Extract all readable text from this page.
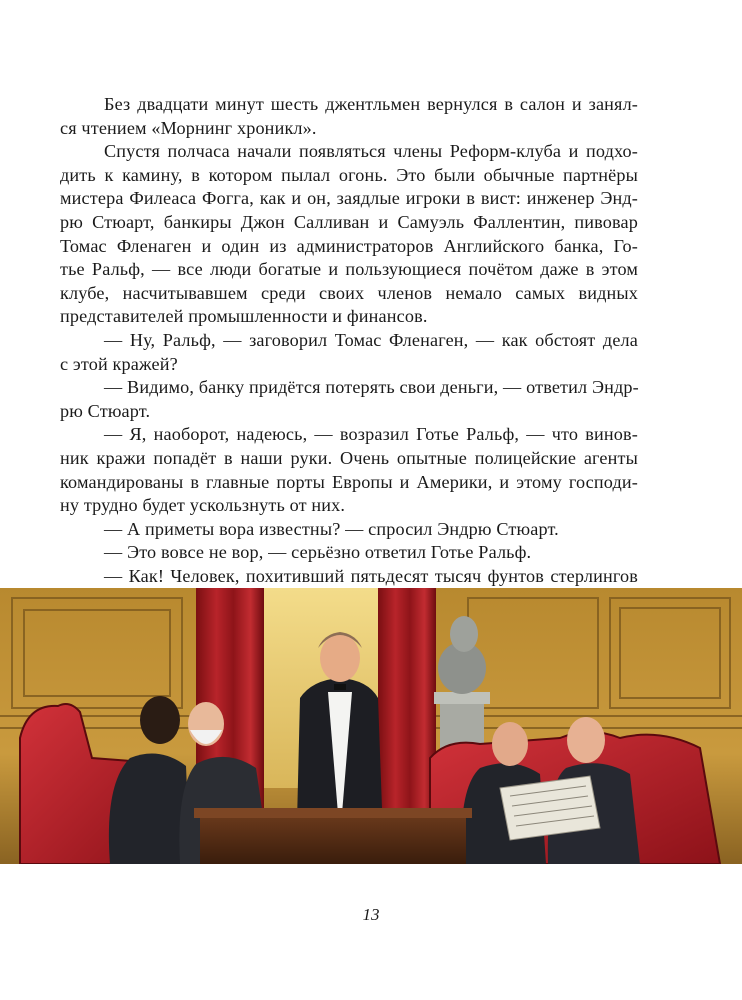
Без двадцати минут шесть джентльмен вернулся в салон и занял-
ся чтением «Морнинг хроникл».

Спустя полчаса начали появляться члены Реформ-клуба и подхо-
дить к камину, в котором пылал огонь. Это были обычные партнёры
мистера Филеаса Фогга, как и он, заядлые игроки в вист: инженер Энд-
рю Стюарт, банкиры Джон Салливан и Самуэль Фаллентин, пивовар
Томас Фленаген и один из администраторов Английского банка, Го-
тье Ральф, — все люди богатые и пользующиеся почётом даже в этом
клубе, насчитывавшем среди своих членов немало самых видных
представителей промышленности и финансов.

— Ну, Ральф, — заговорил Томас Фленаген, — как обстоят дела
с этой кражей?

— Видимо, банку придётся потерять свои деньги, — ответил Эндр-
рю Стюарт.

— Я, наоборот, надеюсь, — возразил Готье Ральф, — что винов-
ник кражи попадёт в наши руки. Очень опытные полицейские агенты
командированы в главные порты Европы и Америки, и этому господи-
ну трудно будет ускользнуть от них.

— А приметы вора известны? — спросил Эндрю Стюарт.

— Это вовсе не вор, — серьёзно ответил Готье Ральф.

— Как! Человек, похитивший пятьдесят тысяч фунтов стерлингов

13
